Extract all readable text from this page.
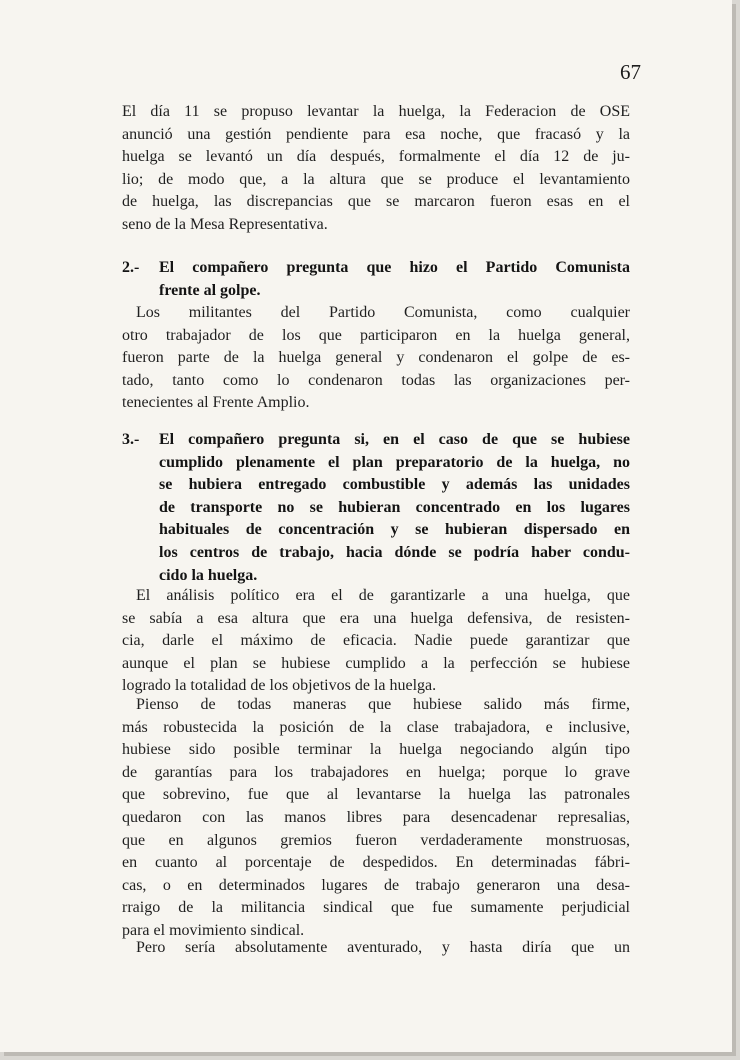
67
El día 11 se propuso levantar la huelga, la Federacion de OSE
anunció una gestión pendiente para esa noche, que fracasó y la
huelga se levantó un día después, formalmente el día 12 de ju-
lio; de modo que, a la altura que se produce el levantamiento
de huelga, las discrepancias que se marcaron fueron esas en el
seno de la Mesa Representativa.
2.- El compañero pregunta que hizo el Partido Comunista
frente al golpe.
Los militantes del Partido Comunista, como cualquier
otro trabajador de los que participaron en la huelga general,
fueron parte de la huelga general y condenaron el golpe de es-
tado, tanto como lo condenaron todas las organizaciones per-
tenecientes al Frente Amplio.
3.- El compañero pregunta si, en el caso de que se hubiese
cumplido plenamente el plan preparatorio de la huelga, no
se hubiera entregado combustible y además las unidades
de transporte no se hubieran concentrado en los lugares
habituales de concentración y se hubieran dispersado en
los centros de trabajo, hacia dónde se podría haber condu-
cido la huelga.
El análisis político era el de garantizarle a una huelga, que
se sabía a esa altura que era una huelga defensiva, de resisten-
cia, darle el máximo de eficacia. Nadie puede garantizar que
aunque el plan se hubiese cumplido a la perfección se hubiese
logrado la totalidad de los objetivos de la huelga.
Pienso de todas maneras que hubiese salido más firme,
más robustecida la posición de la clase trabajadora, e inclusive,
hubiese sido posible terminar la huelga negociando algún tipo
de garantías para los trabajadores en huelga; porque lo grave
que sobrevino, fue que al levantarse la huelga las patronales
quedaron con las manos libres para desencadenar represalias,
que en algunos gremios fueron verdaderamente monstruosas,
en cuanto al porcentaje de despedidos. En determinadas fábri-
cas, o en determinados lugares de trabajo generaron una desa-
rraigo de la militancia sindical que fue sumamente perjudicial
para el movimiento sindical.
Pero sería absolutamente aventurado, y hasta diría que un
